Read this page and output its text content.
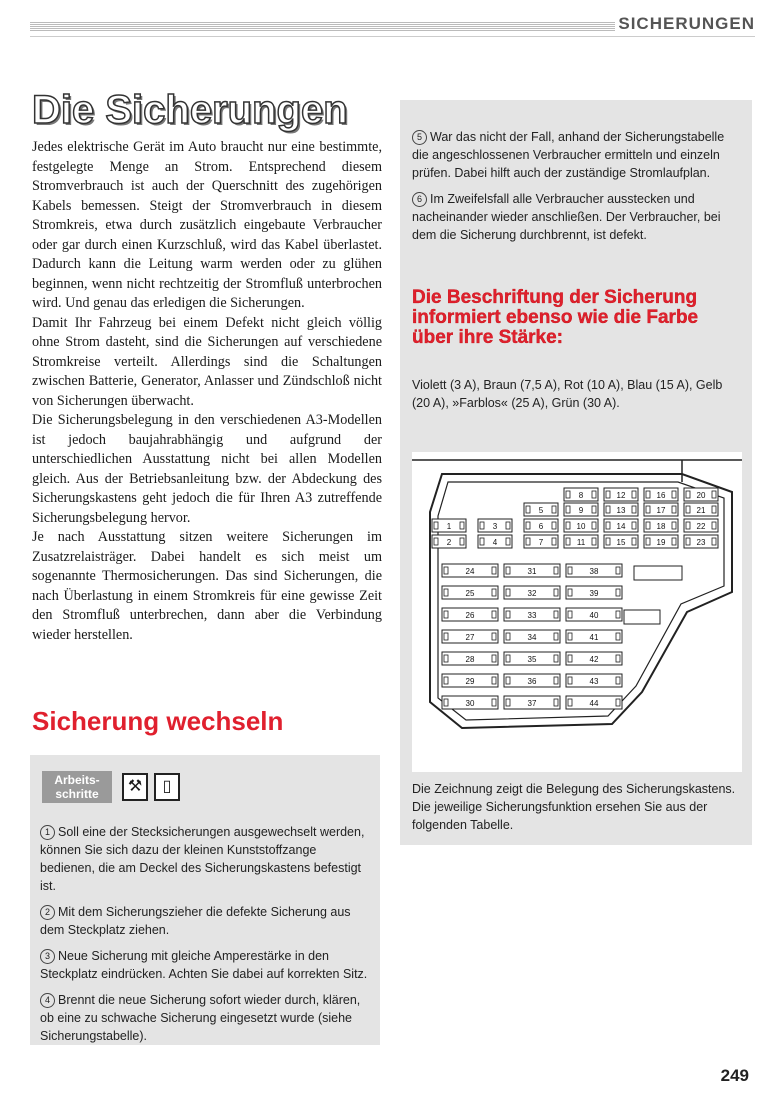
SICHERUNGEN
Die Sicherungen

Jedes elektrische Gerät im Auto braucht nur eine bestimmte, festgelegte Menge an Strom. Entsprechend diesem Stromverbrauch ist auch der Querschnitt des zugehörigen Kabels bemessen. Steigt der Stromverbrauch in diesem Stromkreis, etwa durch zusätzlich eingebaute Verbraucher oder gar durch einen Kurzschluß, wird das Kabel überlastet. Dadurch kann die Leitung warm werden oder zu glühen beginnen, wenn nicht rechtzeitig der Stromfluß unterbrochen wird. Und genau das erledigen die Sicherungen.

Damit Ihr Fahrzeug bei einem Defekt nicht gleich völlig ohne Strom dasteht, sind die Sicherungen auf verschiedene Stromkreise verteilt. Allerdings sind die Schaltungen zwischen Batterie, Generator, Anlasser und Zündschloß nicht von Sicherungen überwacht.

Die Sicherungsbelegung in den verschiedenen A3-Modellen ist jedoch baujahrabhängig und aufgrund der unterschiedlichen Ausstattung nicht bei allen Modellen gleich. Aus der Betriebsanleitung bzw. der Abdeckung des Sicherungskastens geht jedoch die für Ihren A3 zutreffende Sicherungsbelegung hervor.

Je nach Ausstattung sitzen weitere Sicherungen im Zusatzrelaisträger. Dabei handelt es sich meist um sogenannte Thermosicherungen. Das sind Sicherungen, die nach Überlastung in einem Stromkreis für eine gewisse Zeit den Stromfluß unterbrechen, dann aber die Verbindung wieder herstellen.

Sicherung wechseln
Arbeits-schritte	⚒	▯

1 Soll eine der Stecksicherungen ausgewechselt werden, können Sie sich dazu der kleinen Kunststoffzange bedienen, die am Deckel des Sicherungskastens befestigt ist.

2 Mit dem Sicherungszieher die defekte Sicherung aus dem Steckplatz ziehen.

3 Neue Sicherung mit gleiche Amperestärke in den Steckplatz eindrücken. Achten Sie dabei auf korrekten Sitz.

4 Brennt die neue Sicherung sofort wieder durch, klären, ob eine zu schwache Sicherung eingesetzt wurde (siehe Sicherungstabelle).

5 War das nicht der Fall, anhand der Sicherungstabelle die angeschlossenen Verbraucher ermitteln und einzeln prüfen. Dabei hilft auch der zuständige Stromlaufplan.

6 Im Zweifelsfall alle Verbraucher ausstecken und nacheinander wieder anschließen. Der Verbraucher, bei dem die Sicherung durchbrennt, ist defekt.

Die Beschriftung der Sicherung informiert ebenso wie die Farbe über ihre Stärke:
Violett (3 A), Braun (7,5 A), Rot (10 A), Blau (15 A), Gelb (20 A), »Farblos« (25 A), Grün (30 A).
8	12	16	20
5	9	13	17	21
1	3	6	10	14	18	22
2	4	7	11	15	19	23
24
25
26
27
28
29
30
31
32
33
34
35
36
37
38
39
40
41
42
43
44
Die Zeichnung zeigt die Belegung des Sicherungskastens. Die jeweilige Sicherungsfunktion ersehen Sie aus der folgenden Tabelle.
249
